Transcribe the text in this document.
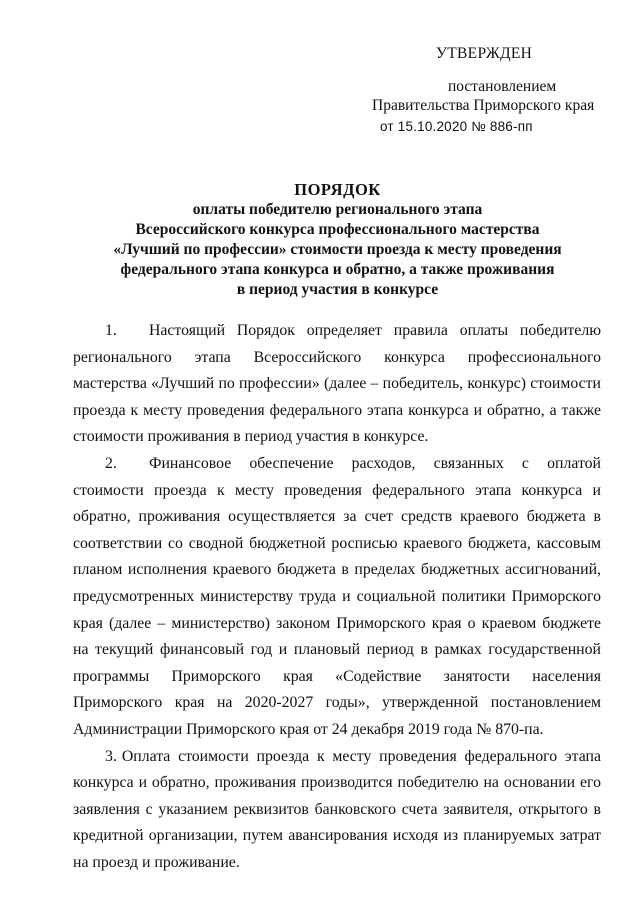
УТВЕРЖДЕН
постановлением
Правительства Приморского края
от 15.10.2020 № 886-пп
ПОРЯДОК
оплаты победителю регионального этапа
Всероссийского конкурса профессионального мастерства
«Лучший по профессии» стоимости проезда к месту проведения
федерального этапа конкурса и обратно, а также проживания
в период участия в конкурсе

1. Настоящий Порядок определяет правила оплаты победителю регионального этапа Всероссийского конкурса профессионального мастерства «Лучший по профессии» (далее – победитель, конкурс) стоимости проезда к месту проведения федерального этапа конкурса и обратно, а также стоимости проживания в период участия в конкурсе.

2. Финансовое обеспечение расходов, связанных с оплатой стоимости проезда к месту проведения федерального этапа конкурса и обратно, проживания осуществляется за счет средств краевого бюджета в соответствии со сводной бюджетной росписью краевого бюджета, кассовым планом исполнения краевого бюджета в пределах бюджетных ассигнований, предусмотренных министерству труда и социальной политики Приморского края (далее – министерство) законом Приморского края о краевом бюджете на текущий финансовый год и плановый период в рамках государственной программы Приморского края «Содействие занятости населения Приморского края на 2020-2027 годы», утвержденной постановлением Администрации Приморского края от 24 декабря 2019 года № 870-па.

3. Оплата стоимости проезда к месту проведения федерального этапа конкурса и обратно, проживания производится победителю на основании его заявления с указанием реквизитов банковского счета заявителя, открытого в кредитной организации, путем авансирования исходя из планируемых затрат на проезд и проживание.
